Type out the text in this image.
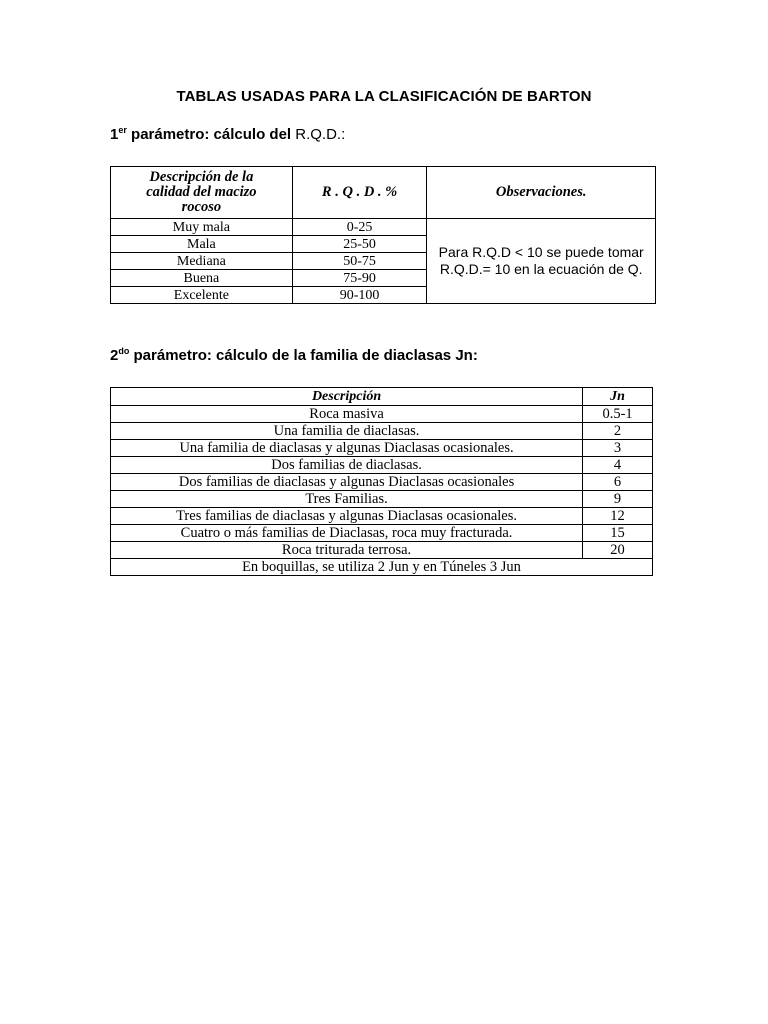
TABLAS USADAS PARA LA CLASIFICACIÓN DE BARTON
1er parámetro: cálculo del R.Q.D.:
Descripción de la calidad del macizo rocoso	R . Q . D . %	Observaciones.
Muy mala	0-25	Para R.Q.D < 10 se puede tomar R.Q.D.= 10 en la ecuación de Q.
Mala	25-50	
Mediana	50-75	
Buena	75-90	
Excelente	90-100	
$2^{do}$ parámetro: cálculo de la familia de diaclasas Jn:
Descripción	Jn
Roca masiva	0.5-1
Una familia de diaclasas.	2
Una familia de diaclasas y algunas Diaclasas ocasionales.	3
Dos familias de diaclasas.	4
Dos familias de diaclasas y algunas Diaclasas ocasionales	6
Tres Familias.	9
Tres familias de diaclasas y algunas Diaclasas ocasionales.	12
Cuatro o más familias de Diaclasas, roca muy fracturada.	15
Roca triturada terrosa.	20
En boquillas, se utiliza 2 Jun y en Túneles 3 Jun	
